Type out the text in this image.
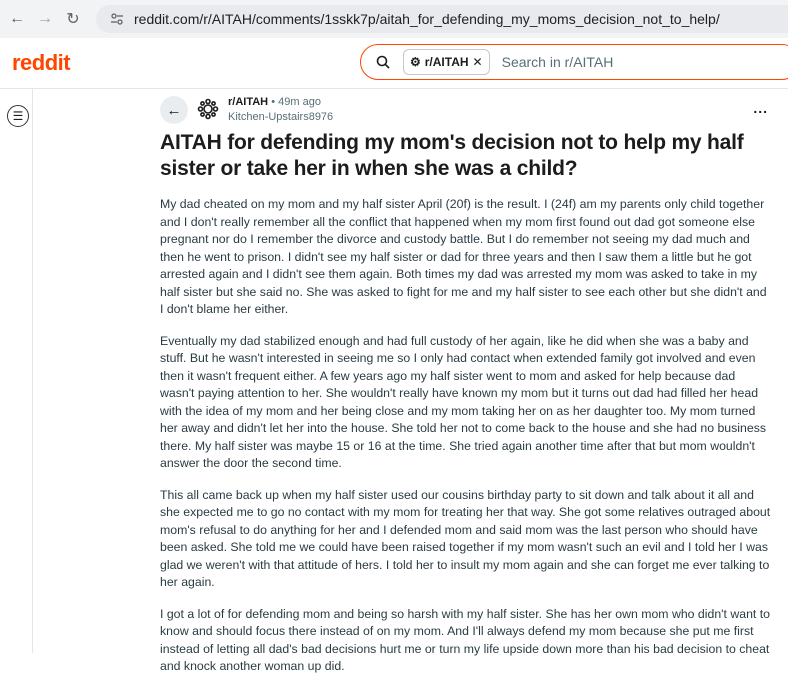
← → ↻	reddit.com/r/AITAH/comments/1sskk7p/aitah_for_defending_my_moms_decision_not_to_help/
reddit	⚙ r/AITAH ✕
Search in r/AITAH
☰	←	r/AITAH • 49m ago
Kitchen-Upstairs8976
...
AITAH for defending my mom's decision not to help my half sister or take her in when she was a child?

My dad cheated on my mom and my half sister April (20f) is the result. I (24f) am my parents only child together and I don't really remember all the conflict that happened when my mom first found out dad got someone else pregnant nor do I remember the divorce and custody battle. But I do remember not seeing my dad much and then he went to prison. I didn't see my half sister or dad for three years and then I saw them a little but he got arrested again and I didn't see them again. Both times my dad was arrested my mom was asked to take in my half sister but she said no. She was asked to fight for me and my half sister to see each other but she didn't and I don't blame her either.

Eventually my dad stabilized enough and had full custody of her again, like he did when she was a baby and stuff. But he wasn't interested in seeing me so I only had contact when extended family got involved and even then it wasn't frequent either. A few years ago my half sister went to mom and asked for help because dad wasn't paying attention to her. She wouldn't really have known my mom but it turns out dad had filled her head with the idea of my mom and her being close and my mom taking her on as her daughter too. My mom turned her away and didn't let her into the house. She told her not to come back to the house and she had no business there. My half sister was maybe 15 or 16 at the time. She tried again another time after that but mom wouldn't answer the door the second time.

This all came back up when my half sister used our cousins birthday party to sit down and talk about it all and she expected me to go no contact with my mom for treating her that way. She got some relatives outraged about mom's refusal to do anything for her and I defended mom and said mom was the last person who should have been asked. She told me we could have been raised together if my mom wasn't such an evil and I told her I was glad we weren't with that attitude of hers. I told her to insult my mom again and she can forget me ever talking to her again.

I got a lot of for defending mom and being so harsh with my half sister. She has her own mom who didn't want to know and should focus there instead of on my mom. And I'll always defend my mom because she put me first instead of letting all dad's bad decisions hurt me or turn my life upside down more than his bad decision to cheat and knock another woman up did.
